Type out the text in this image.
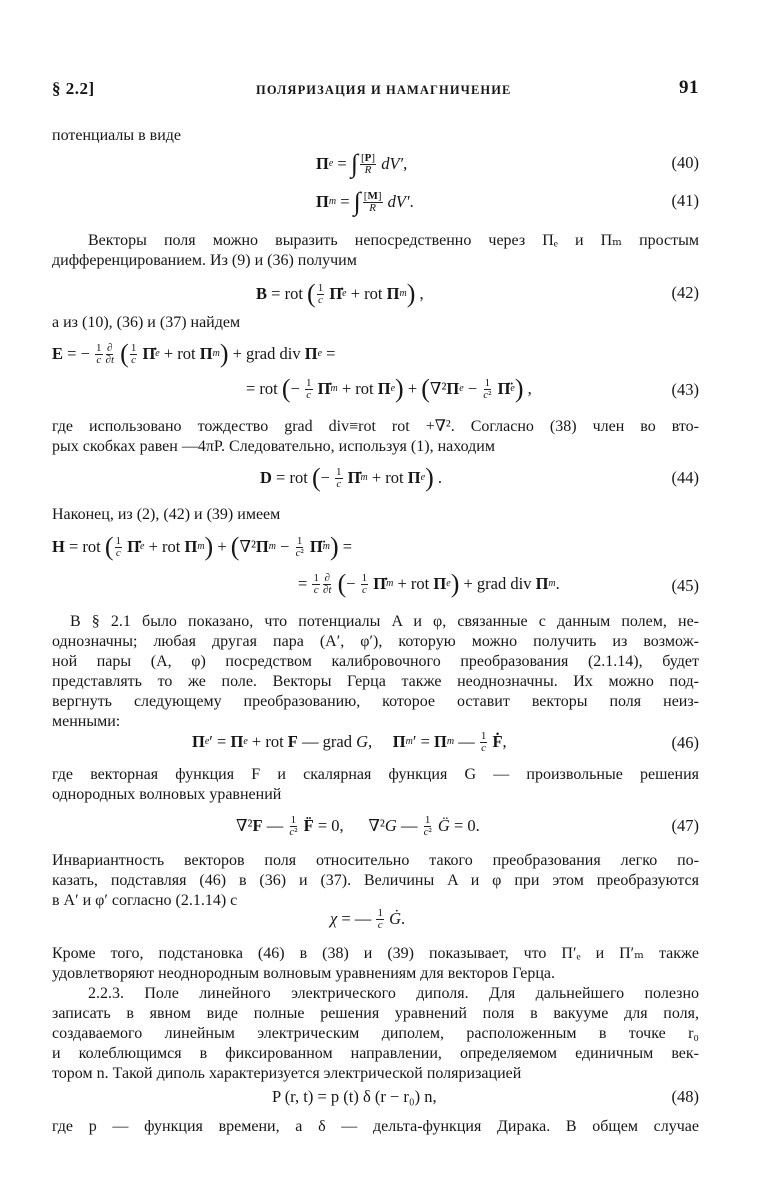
§ 2.2]	ПОЛЯРИЗАЦИЯ И НАМАГНИЧЕНИЕ	91
потенциалы в виде
Π e = ∫ [P]
R
dV′ ,	(40)
Π m = ∫ [M]
R
dV′ .	(41)
Векторы поля можно выразить непосредственно через Πₑ и Πₘ простым
дифференцированием. Из (9) и (36) получим
B = rot ( 1
c
Π̇ e + rot Π m ) ,	(42)
а из (10), (36) и (37) найдем
E = − 1
c
∂
∂t
( 1
c
Π̇ e + rot Π m ) + grad div Π e =
= rot ( − 1
c
Π̇ m + rot Π e ) + ( ∇² Π e − 1
c²
Π̈ e ) ,	(43)
где использовано тождество grad div≡rot rot +∇². Согласно (38) член во вто-
рых скобках равен —4πP. Следовательно, используя (1), находим
D = rot ( − 1
c
Π̇ m + rot Π e ) .	(44)
Наконец, из (2), (42) и (39) имеем
H = rot ( 1
c
Π̇ e + rot Π m ) + ( ∇² Π m − 1
c²
Π̈ m ) =
= 1
c
∂
∂t
( − 1
c
Π̇ m + rot Π e ) + grad div Π m .	(45)
В § 2.1 было показано, что потенциалы A и φ, связанные с данным полем, не-
однозначны; любая другая пара (A′, φ′), которую можно получить из возмож-
ной пары (A, φ) посредством калибровочного преобразования (2.1.14), будет
представлять то же поле. Векторы Герца также неоднозначны. Их можно под-
вергнуть следующему преобразованию, которое оставит векторы поля неиз-
менными:
Π e ′ = Π e + rot F — grad G , Π m ′ = Π m — 1
c
Ḟ ,	(46)
где векторная функция F и скалярная функция G — произвольные решения
однородных волновых уравнений
∇² F — 1
c²
F̈ = 0,      ∇² G — 1
c²
G̈ = 0.	(47)
Инвариантность векторов поля относительно такого преобразования легко по-
казать, подставляя (46) в (36) и (37). Величины A и φ при этом преобразуются
в A′ и φ′ согласно (2.1.14) с
χ = — 1
c
Ġ .
Кроме того, подстановка (46) в (38) и (39) показывает, что Π′ₑ и Π′ₘ также
удовлетворяют неоднородным волновым уравнениям для векторов Герца.
2.2.3. Поле линейного электрического диполя. Для дальнейшего полезно
записать в явном виде полные решения уравнений поля в вакууме для поля,
создаваемого линейным электрическим диполем, расположенным в точке r₀
и колеблющимся в фиксированном направлении, определяемом единичным век-
тором n. Такой диполь характеризуется электрической поляризацией
P (r, t) = p (t) δ (r − r₀) n,	(48)
где p — функция времени, а δ — дельта-функция Дирака. В общем случае
